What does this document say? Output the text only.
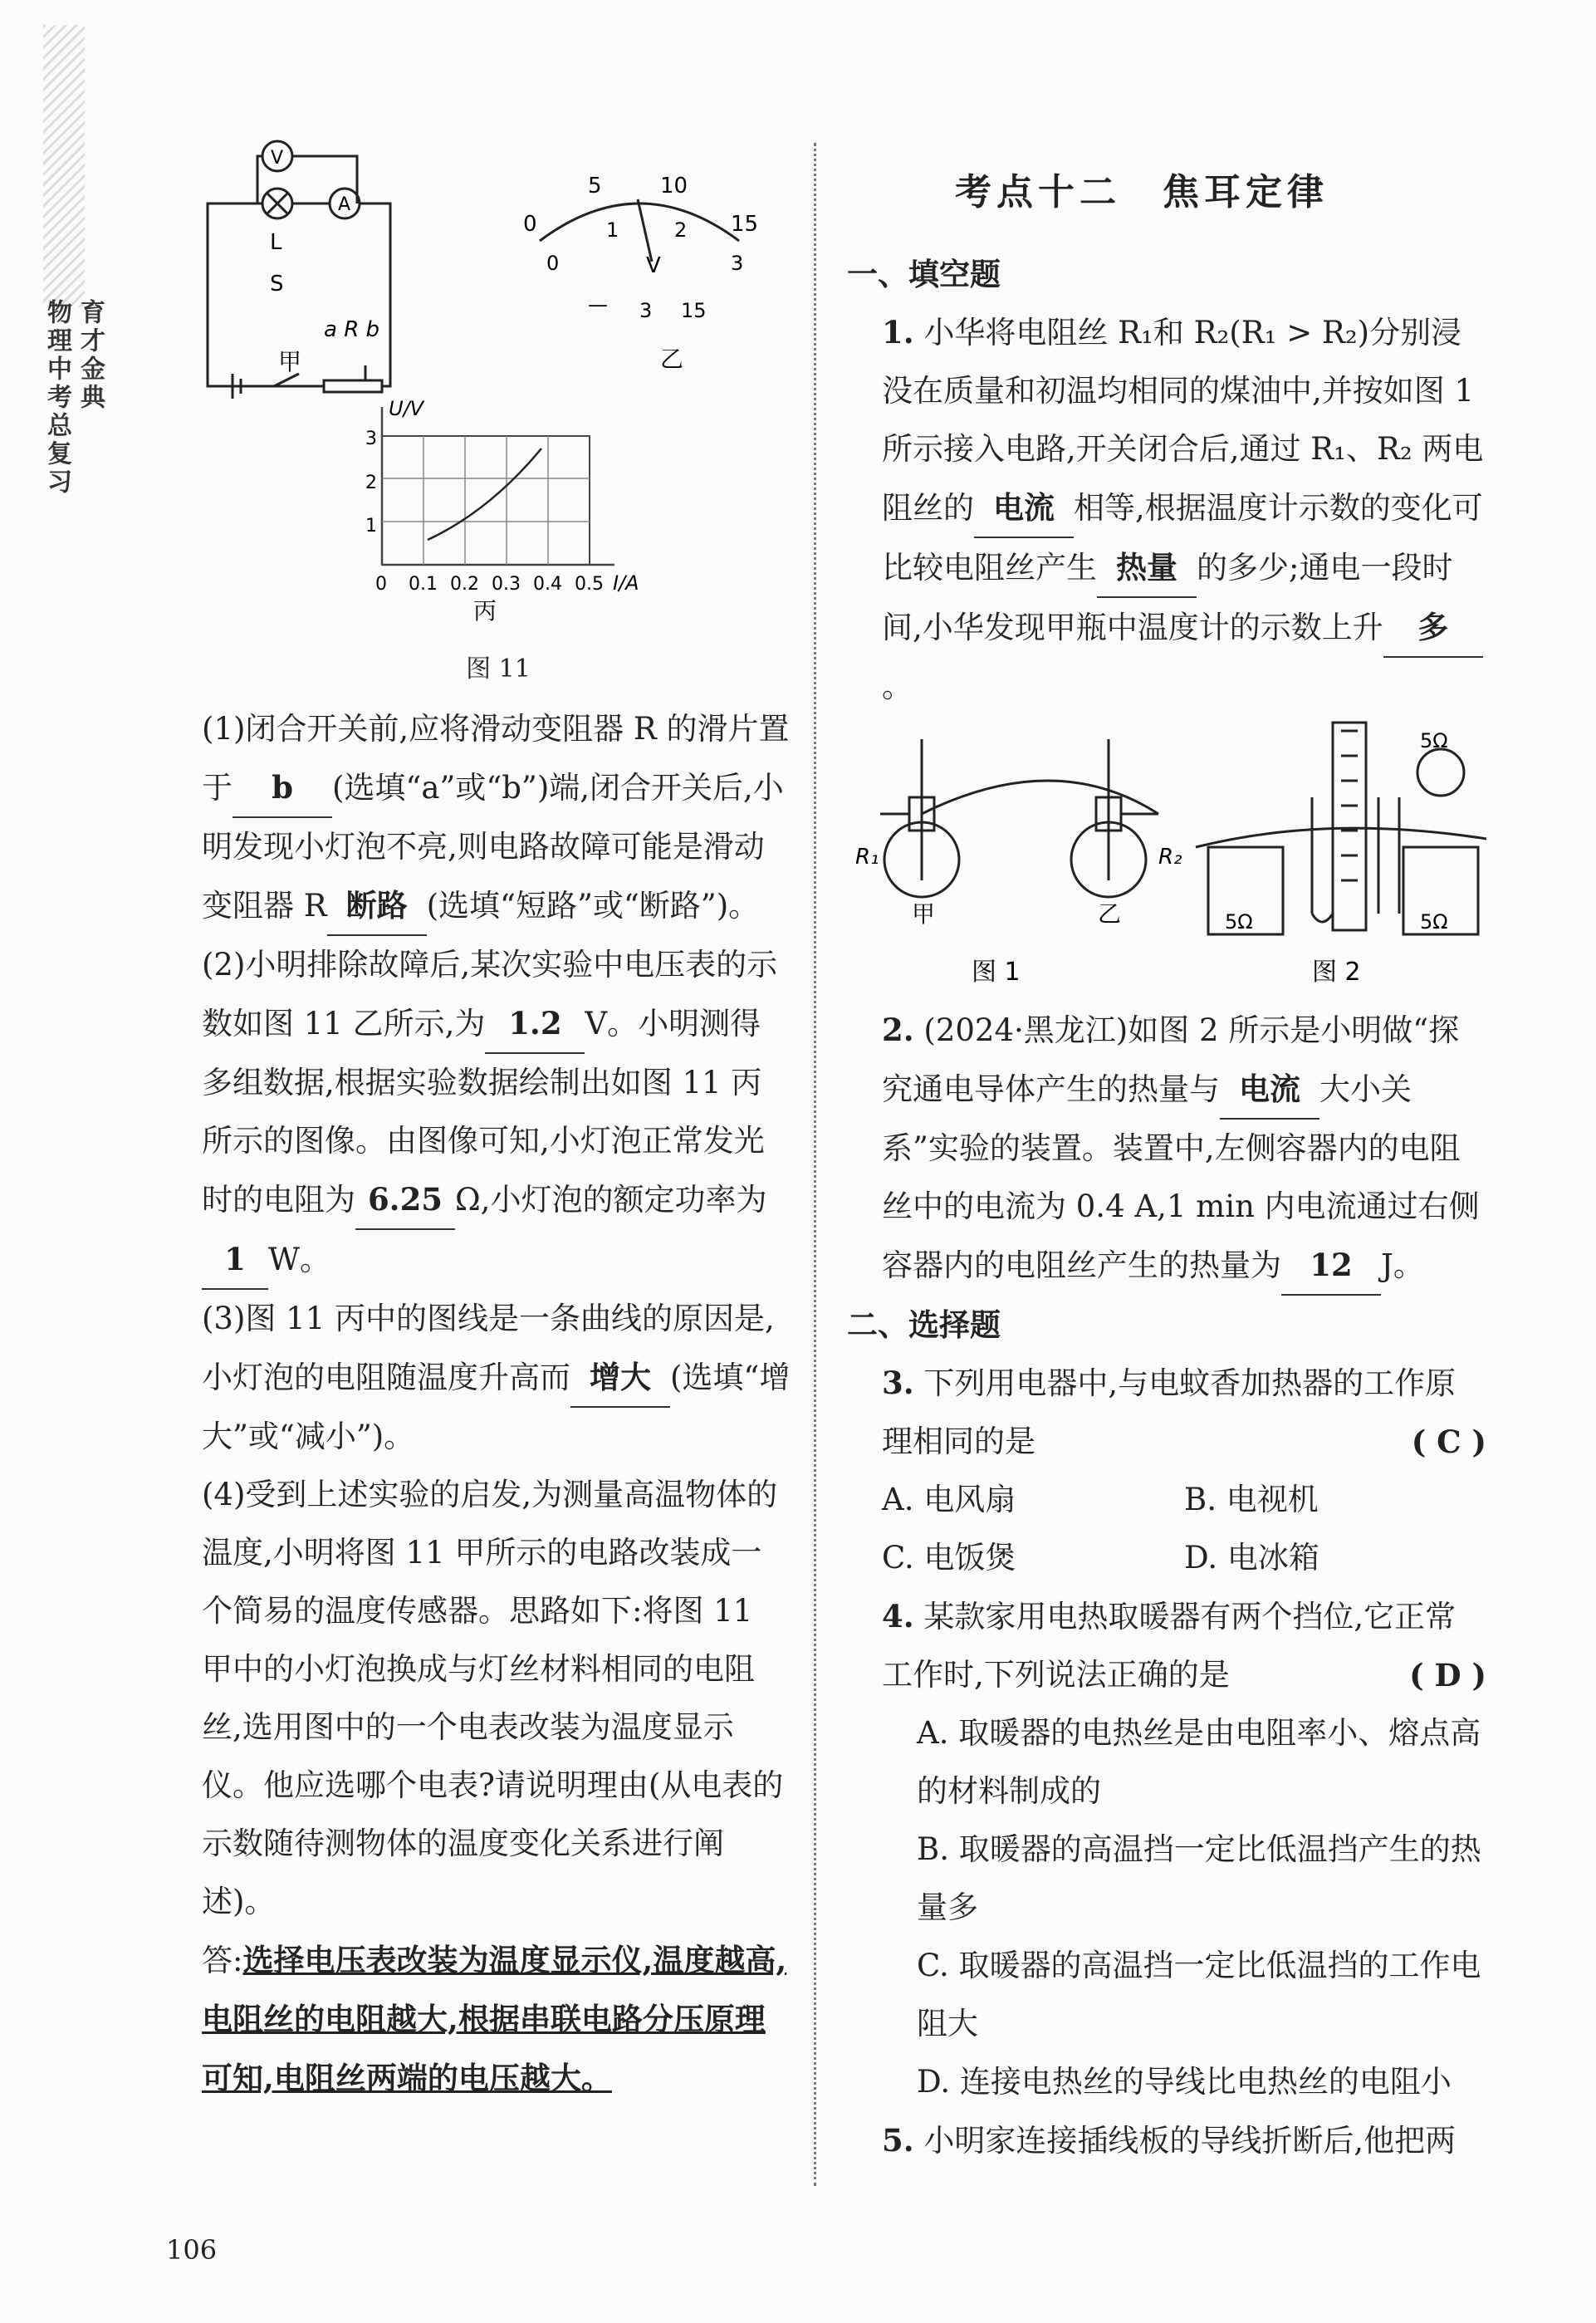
育才金典
物理中考总复习
V
A
L
S
a R b
甲
0
5	10
15
0
1	2
3
V
— 3 15
乙
U/V
1
2
3
0 0.1 0.2 0.3 0.4 0.5 I/A
丙
图 11

(1)闭合开关前,应将滑动变阻器 R 的滑片置于 b (选填“a”或“b”)端,闭合开关后,小明发现小灯泡不亮,则电路故障可能是滑动变阻器 R 断路 (选填“短路”或“断路”)。

(2)小明排除故障后,某次实验中电压表的示数如图 11 乙所示,为 1.2 V。小明测得多组数据,根据实验数据绘制出如图 11 丙所示的图像。由图像可知,小灯泡正常发光时的电阻为 6.25 Ω,小灯泡的额定功率为1 W。

(3)图 11 丙中的图线是一条曲线的原因是,小灯泡的电阻随温度升高而 增大 (选填“增大”或“减小”)。

(4)受到上述实验的启发,为测量高温物体的温度,小明将图 11 甲所示的电路改装成一个简易的温度传感器。思路如下:将图 11 甲中的小灯泡换成与灯丝材料相同的电阻丝,选用图中的一个电表改装为温度显示仪。他应选哪个电表?请说明理由(从电表的示数随待测物体的温度变化关系进行阐述)。

答:选择电压表改装为温度显示仪,温度越高,电阻丝的电阻越大,根据串联电路分压原理可知,电阻丝两端的电压越大。

考点十二　焦耳定律

一、填空题

1. 小华将电阻丝 R₁和 R₂(R₁ > R₂)分别浸没在质量和初温均相同的煤油中,并按如图 1 所示接入电路,开关闭合后,通过 R₁、R₂ 两电阻丝的 电流 相等,根据温度计示数的变化可比较电阻丝产生 热量 的多少;通电一段时间,小华发现甲瓶中温度计的示数上升 多。

R₁	R₂
甲	乙
图 1
5Ω
5Ω	5Ω
图 2

2. (2024·黑龙江)如图 2 所示是小明做“探究通电导体产生的热量与 电流 大小关系”实验的装置。装置中,左侧容器内的电阻丝中的电流为 0.4 A,1 min 内电流通过右侧容器内的电阻丝产生的热量为 12 J。

二、选择题

3. 下列用电器中,与电蚊香加热器的工作原理相同的是	( C )

A. 电风扇	B. 电视机
C. 电饭煲	D. 电冰箱

4. 某款家用电热取暖器有两个挡位,它正常工作时,下列说法正确的是	( D )

A. 取暖器的电热丝是由电阻率小、熔点高的材料制成的

B. 取暖器的高温挡一定比低温挡产生的热量多

C. 取暖器的高温挡一定比低温挡的工作电阻大

D. 连接电热丝的导线比电热丝的电阻小

5. 小明家连接插线板的导线折断后,他把两

106
